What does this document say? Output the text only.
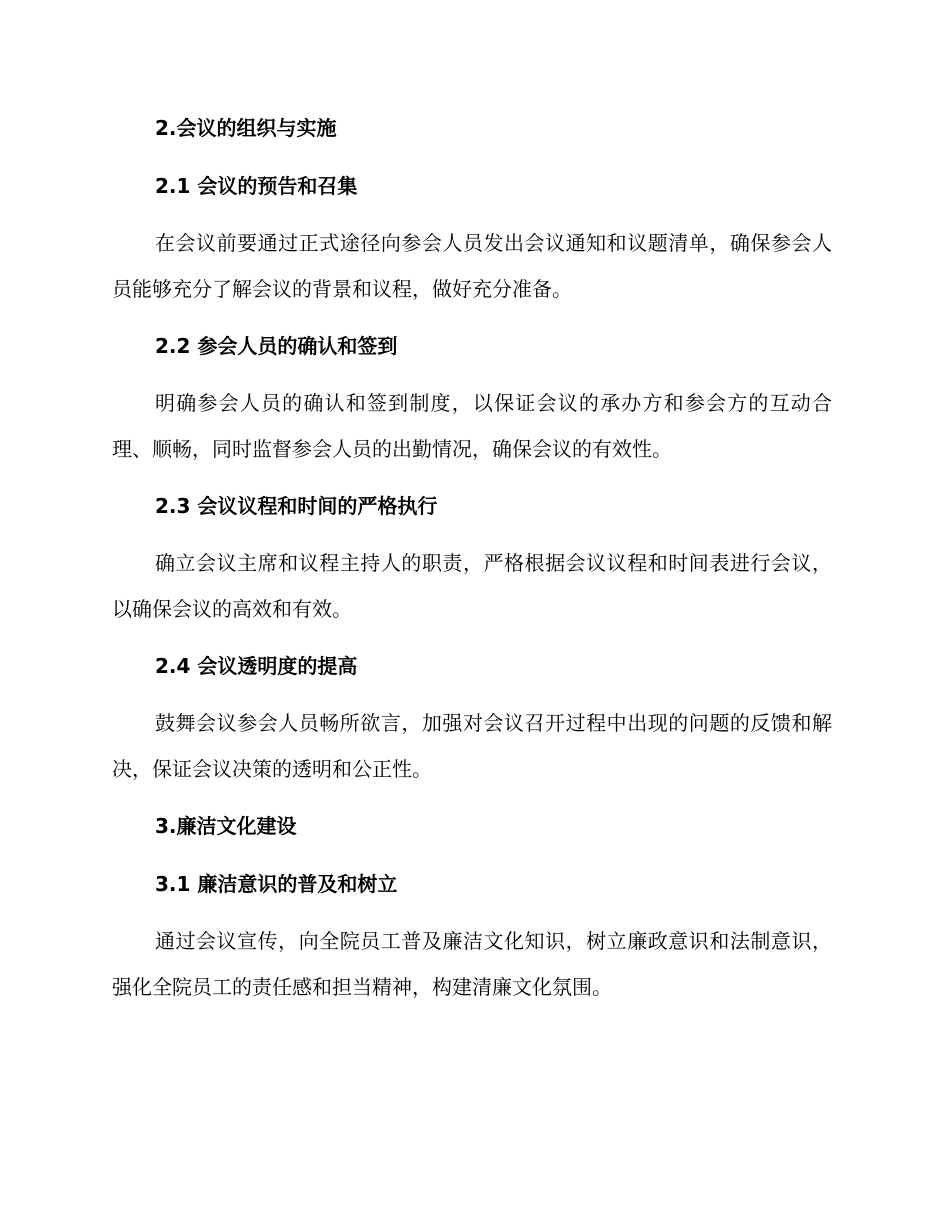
2.会议的组织与实施
2.1 会议的预告和召集

在会议前要通过正式途径向参会人员发出会议通知和议题清单，确保参会人员能够充分了解会议的背景和议程，做好充分准备。

2.2 参会人员的确认和签到

明确参会人员的确认和签到制度，以保证会议的承办方和参会方的互动合理、顺畅，同时监督参会人员的出勤情况，确保会议的有效性。

2.3 会议议程和时间的严格执行

确立会议主席和议程主持人的职责，严格根据会议议程和时间表进行会议，以确保会议的高效和有效。

2.4 会议透明度的提高

鼓舞会议参会人员畅所欲言，加强对会议召开过程中出现的问题的反馈和解决，保证会议决策的透明和公正性。

3.廉洁文化建设
3.1 廉洁意识的普及和树立

通过会议宣传，向全院员工普及廉洁文化知识，树立廉政意识和法制意识，强化全院员工的责任感和担当精神，构建清廉文化氛围。
